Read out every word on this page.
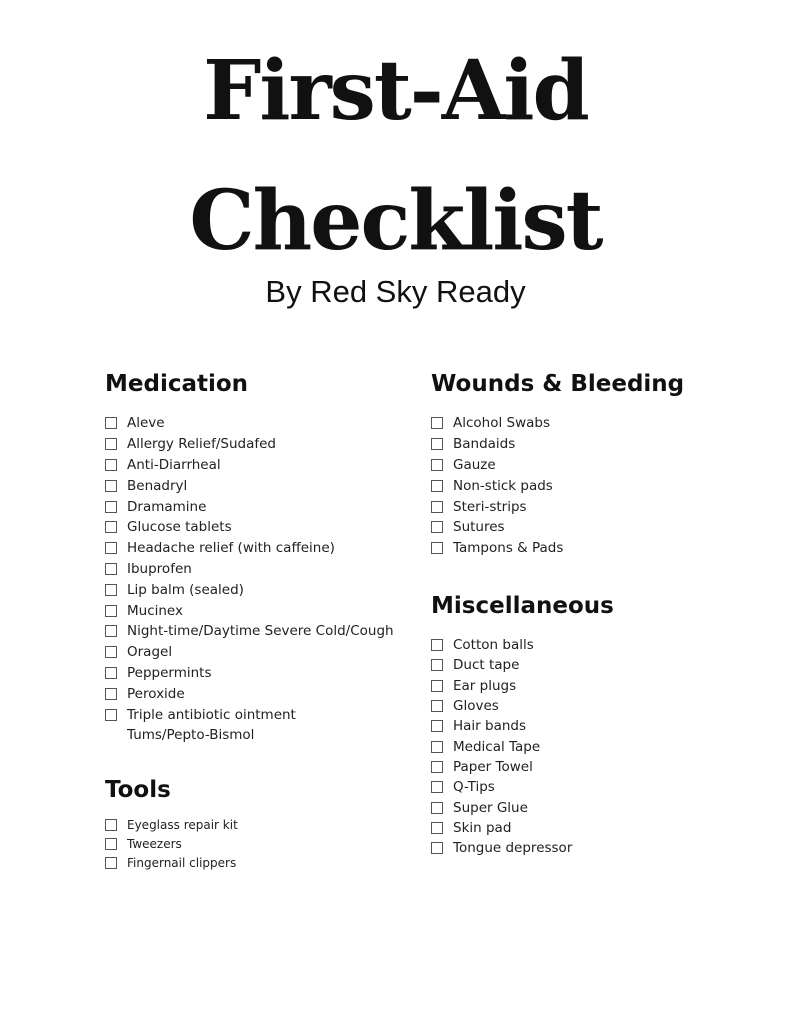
First-Aid
Checklist
By Red Sky Ready
Medication
Aleve
Allergy Relief/Sudafed
Anti-Diarrheal
Benadryl
Dramamine
Glucose tablets
Headache relief (with caffeine)
Ibuprofen
Lip balm (sealed)
Mucinex
Night-time/Daytime Severe Cold/Cough
Oragel
Peppermints
Peroxide
Triple antibiotic ointment
Tums/Pepto-Bismol
Tools
Eyeglass repair kit
Tweezers
Fingernail clippers
Wounds & Bleeding
Alcohol Swabs
Bandaids
Gauze
Non-stick pads
Steri-strips
Sutures
Tampons & Pads
Miscellaneous
Cotton balls
Duct tape
Ear plugs
Gloves
Hair bands
Medical Tape
Paper Towel
Q-Tips
Super Glue
Skin pad
Tongue depressor
